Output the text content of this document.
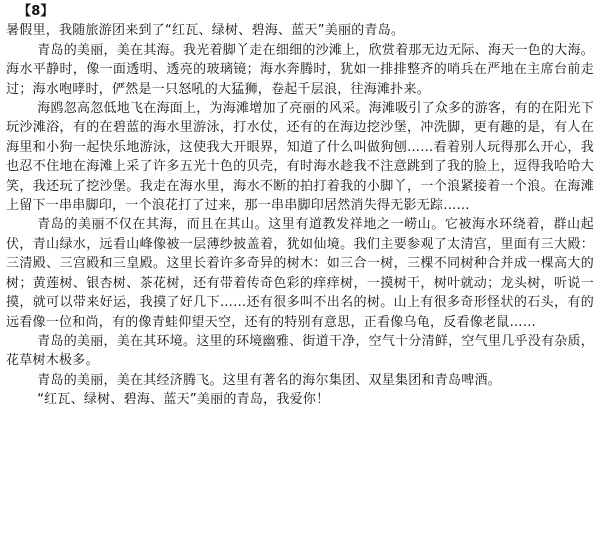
【8】

暑假里，我随旅游团来到了“红瓦、绿树、碧海、蓝天”美丽的青岛。

青岛的美丽，美在其海。我光着脚丫走在细细的沙滩上，欣赏着那无边无际、海天一色的大海。海水平静时，像一面透明、透亮的玻璃镜；海水奔腾时，犹如一排排整齐的哨兵在严地在主席台前走过；海水咆哮时，俨然是一只怒吼的大猛狮，卷起千层浪，往海滩扑来。

海鸥忽高忽低地飞在海面上，为海滩增加了亮丽的风采。海滩吸引了众多的游客，有的在阳光下玩沙滩浴，有的在碧蓝的海水里游泳，打水仗，还有的在海边挖沙堡，冲洗脚，更有趣的是，有人在海里和小狗一起快乐地游泳，这使我大开眼界，知道了什么叫做狗刨……看着别人玩得那么开心，我也忍不住地在海滩上采了许多五光十色的贝壳，有时海水趁我不注意跳到了我的脸上，逗得我哈哈大笑，我还玩了挖沙堡。我走在海水里，海水不断的拍打着我的小脚丫，一个浪紧接着一个浪。在海滩上留下一串串脚印，一个浪花打了过来，那一串串脚印居然消失得无影无踪……

青岛的美丽不仅在其海，而且在其山。这里有道教发祥地之一崂山。它被海水环绕着，群山起伏，青山绿水，远看山峰像被一层薄纱披盖着，犹如仙境。我们主要参观了太清宫，里面有三大殿：三清殿、三宫殿和三皇殿。这里长着许多奇异的树木：如三合一树，三棵不同树种合并成一棵高大的树；黄莲树、银杏树、茶花树，还有带着传奇色彩的痒痒树，一摸树干，树叶就动；龙头树，听说一摸，就可以带来好运，我摸了好几下……还有很多叫不出名的树。山上有很多奇形怪状的石头，有的远看像一位和尚，有的像青蛙仰望天空，还有的特别有意思，正看像乌龟，反看像老鼠……

青岛的美丽，美在其环境。这里的环境幽雅、街道干净，空气十分清鲜，空气里几乎没有杂质，花草树木极多。

青岛的美丽，美在其经济腾飞。这里有著名的海尔集团、双星集团和青岛啤酒。

“红瓦、绿树、碧海、蓝天”美丽的青岛，我爱你！
